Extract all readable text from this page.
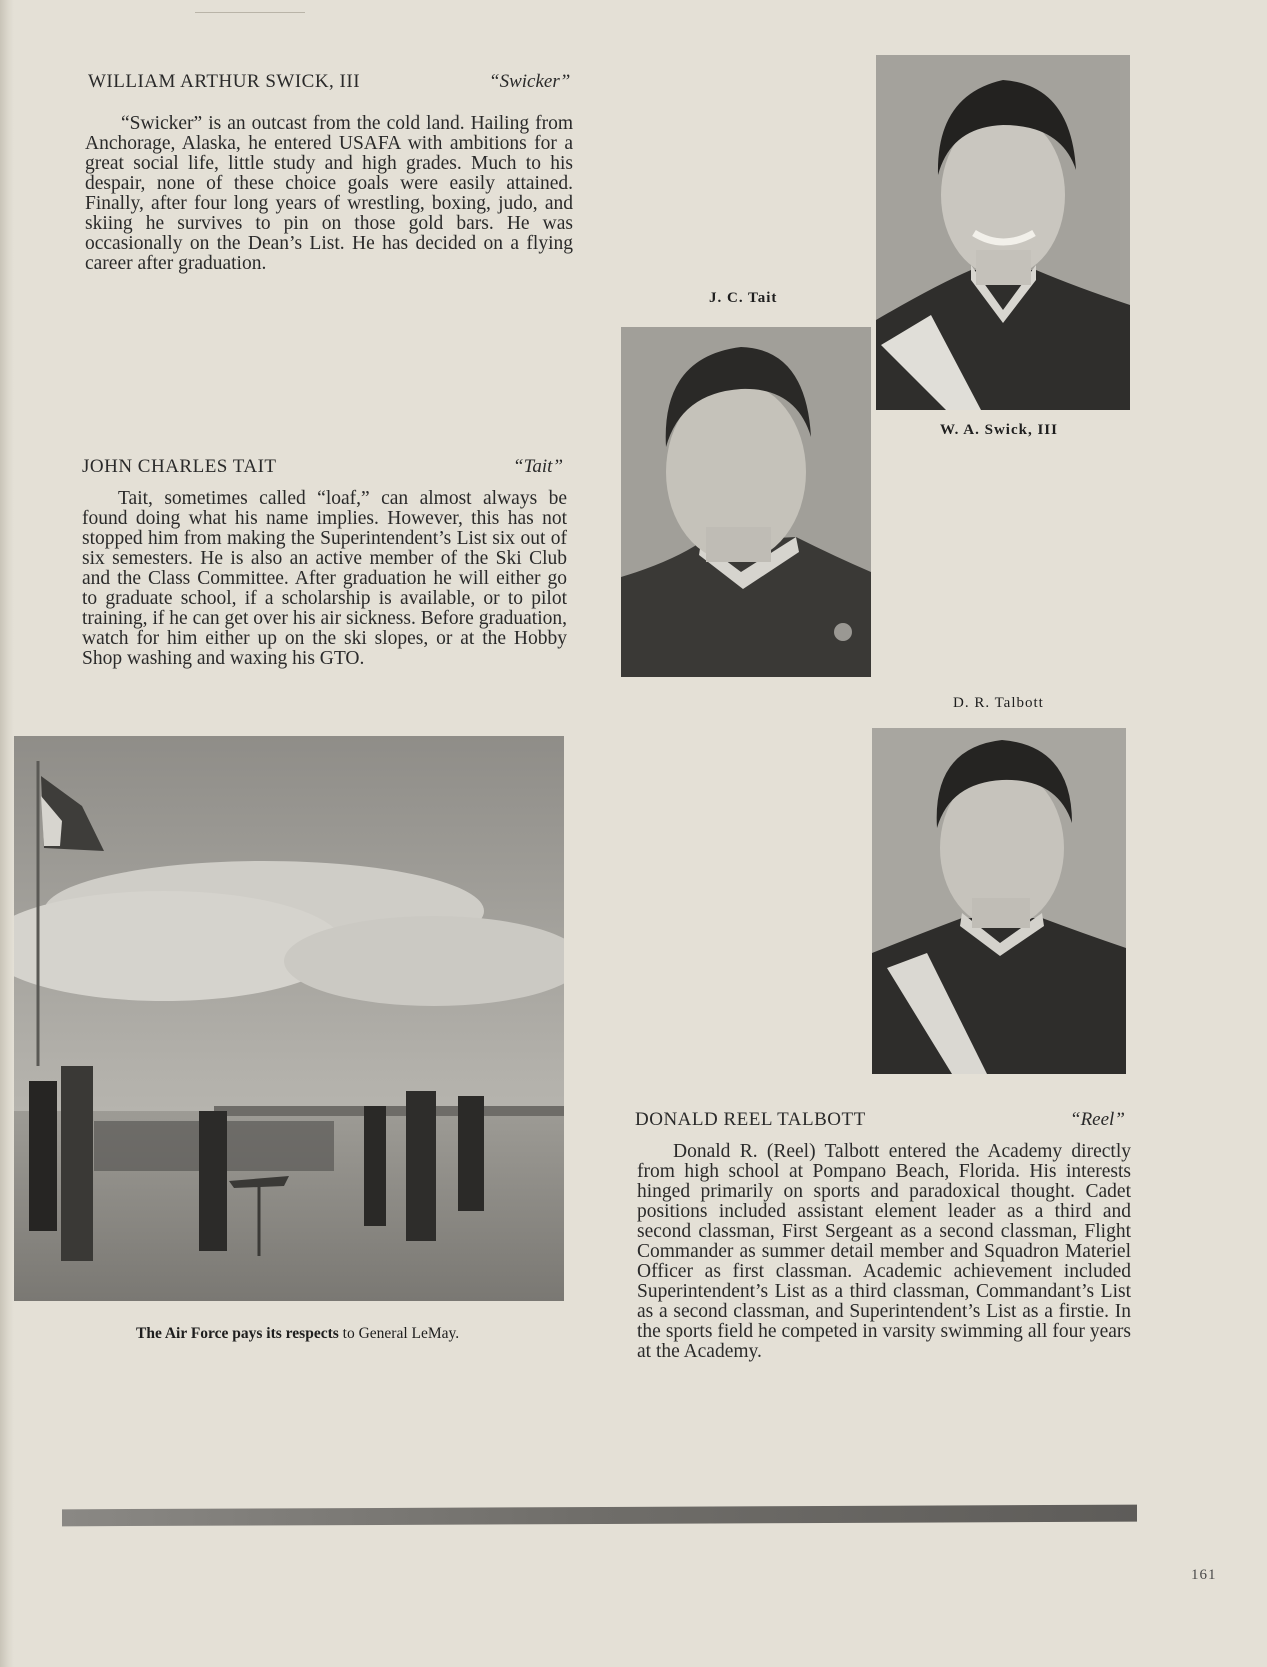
WILLIAM ARTHUR SWICK, III	“Swicker”

“Swicker” is an outcast from the cold land. Hailing from Anchorage, Alaska, he entered USAFA with ambitions for a great social life, little study and high grades. Much to his despair, none of these choice goals were easily attained. Finally, after four long years of wrestling, boxing, judo, and skiing he survives to pin on those gold bars. He was occasionally on the Dean’s List. He has decided on a flying career after graduation.

JOHN CHARLES TAIT	“Tait”

Tait, sometimes called “loaf,” can almost always be found doing what his name implies. However, this has not stopped him from making the Superintendent’s List six out of six semesters. He is also an active member of the Ski Club and the Class Committee. After graduation he will either go to graduate school, if a scholarship is available, or to pilot training, if he can get over his air sickness. Before graduation, watch for him either up on the ski slopes, or at the Hobby Shop washing and waxing his GTO.

W. A. Swick, III
J. C. Tait
D. R. Talbott
DONALD REEL TALBOTT	“Reel”

Donald R. (Reel) Talbott entered the Academy directly from high school at Pompano Beach, Florida. His interests hinged primarily on sports and paradoxical thought. Cadet positions included assistant element leader as a third and second classman, First Sergeant as a second classman, Flight Commander as summer detail member and Squadron Materiel Officer as first classman. Academic achievement included Superintendent’s List as a third classman, Commandant’s List as a second classman, and Superintendent’s List as a firstie. In the sports field he competed in varsity swimming all four years at the Academy.

The Air Force pays its respects to General LeMay.
161
